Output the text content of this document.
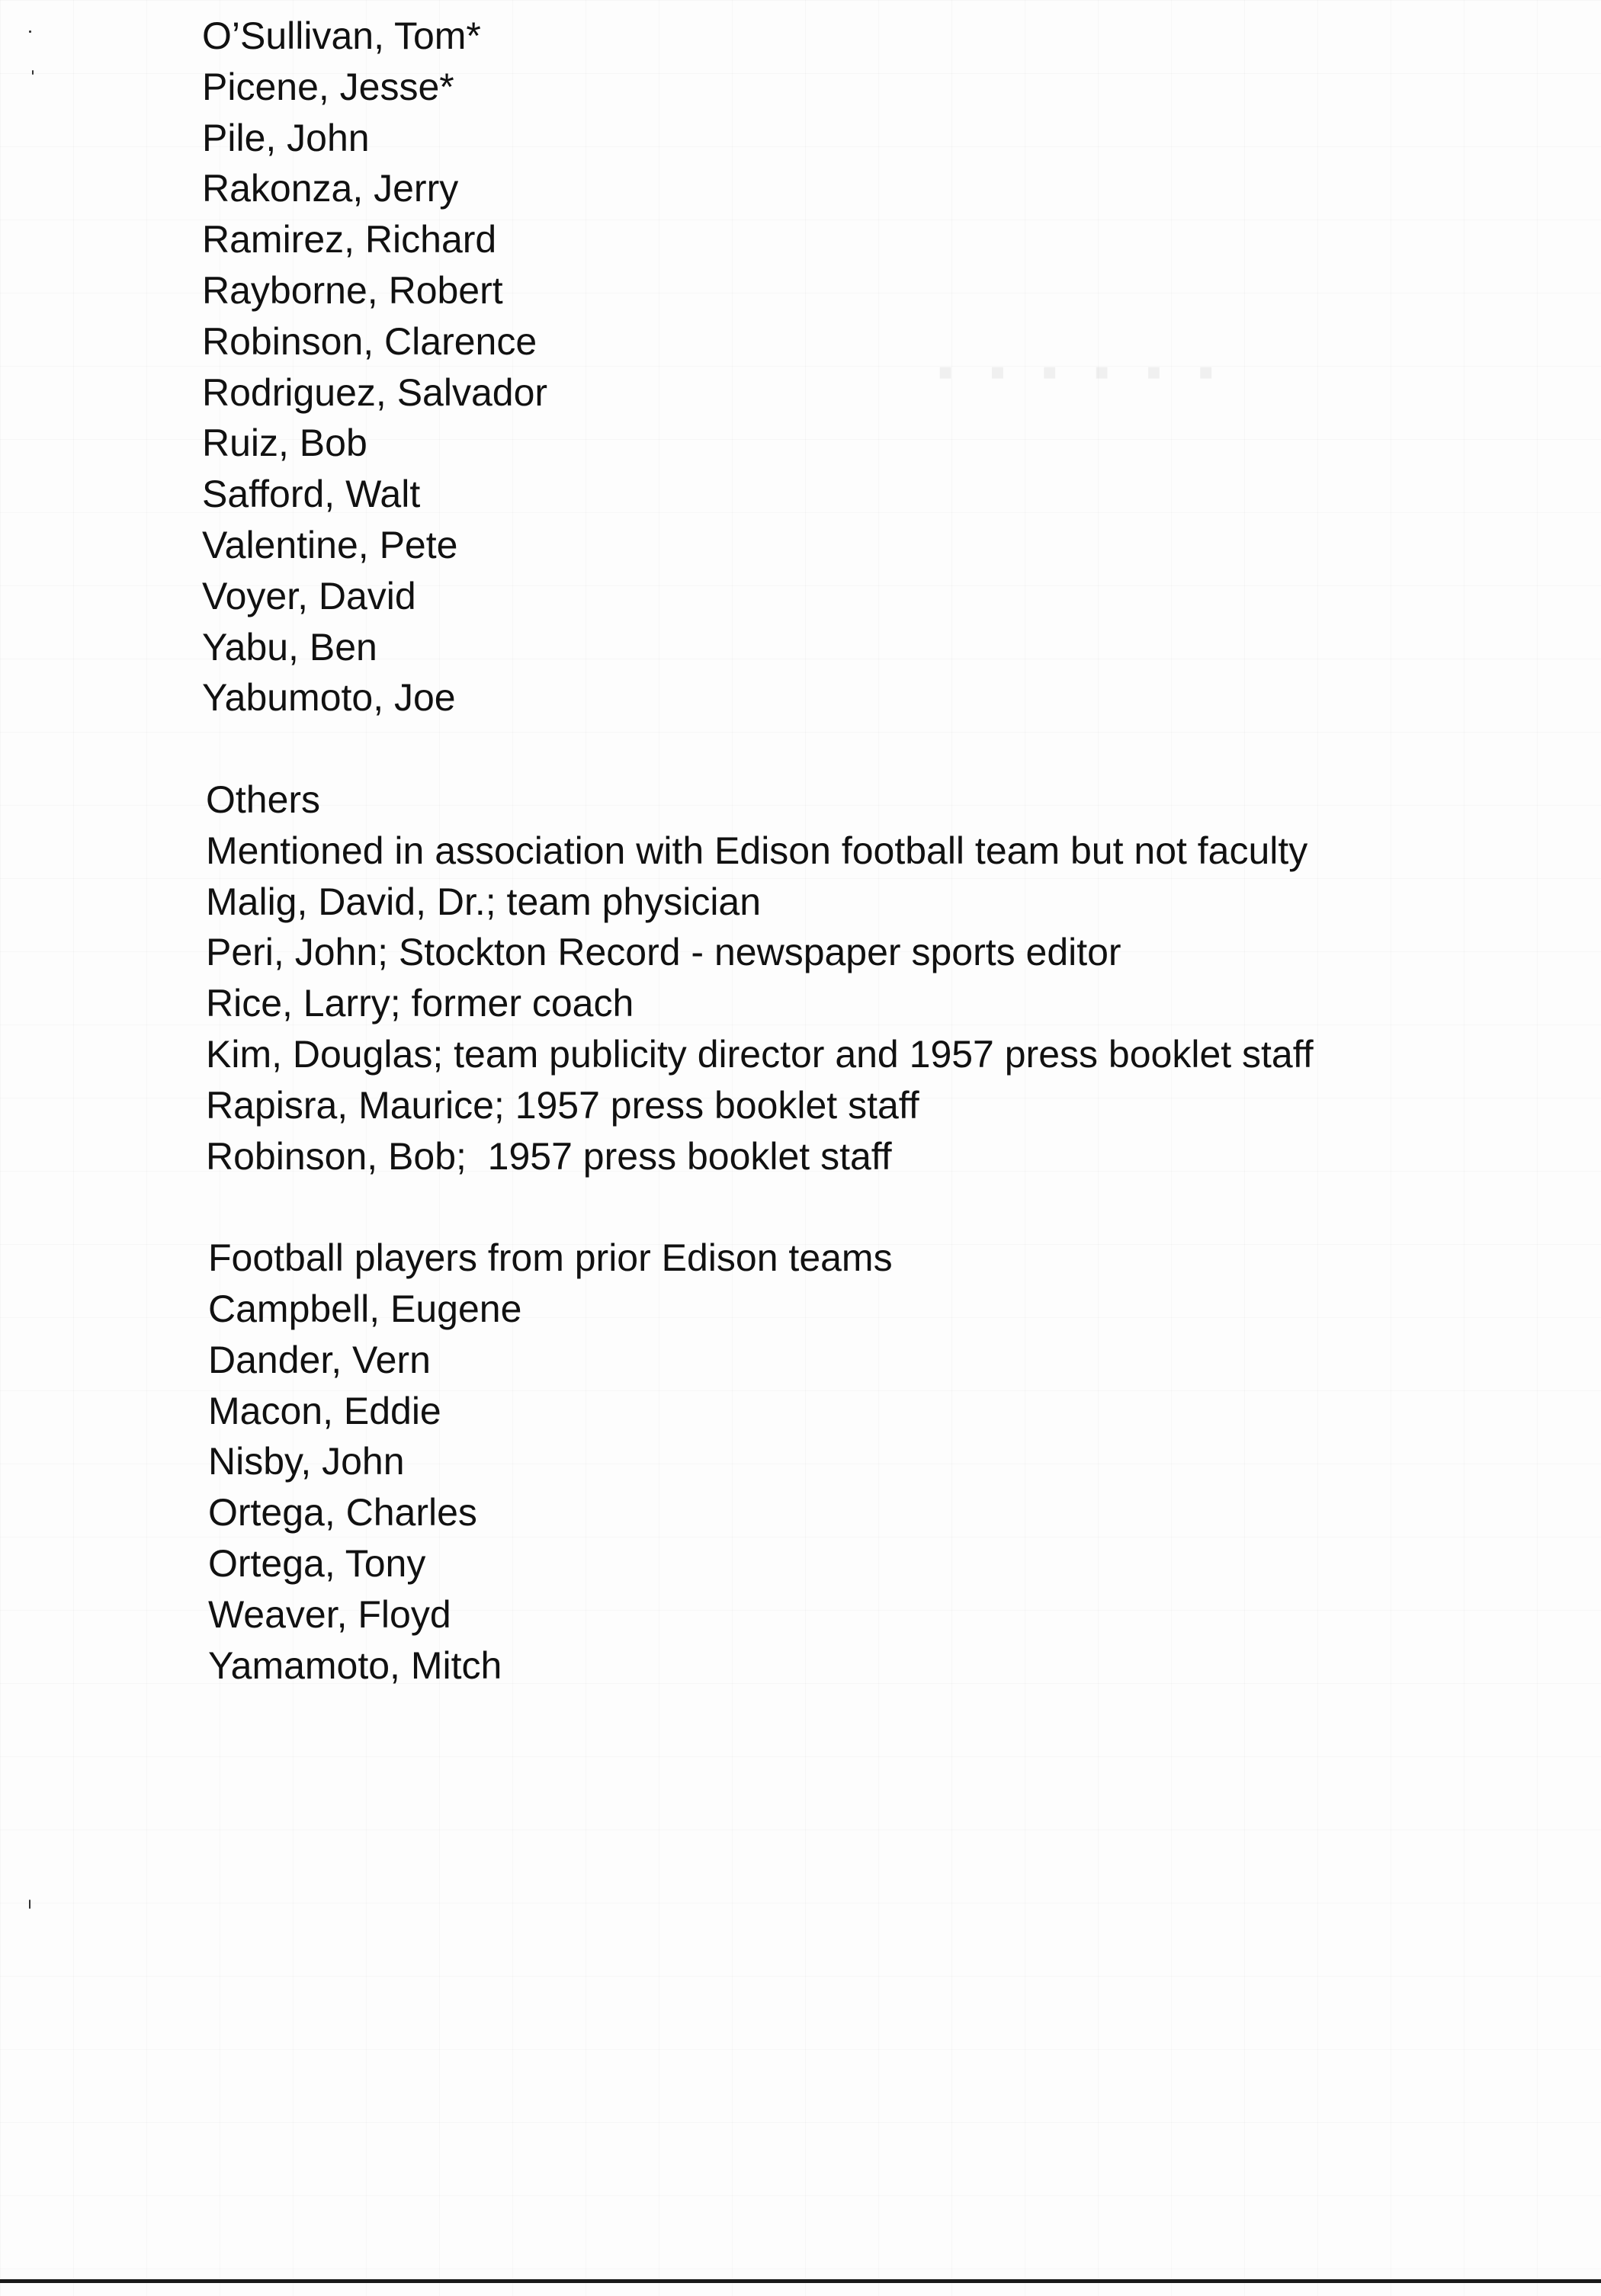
▪▪▪▪▪▪
O’Sullivan, Tom*
Picene, Jesse*
Pile, John
Rakonza, Jerry
Ramirez, Richard
Rayborne, Robert
Robinson, Clarence
Rodriguez, Salvador
Ruiz, Bob
Safford, Walt
Valentine, Pete
Voyer, David
Yabu, Ben
Yabumoto, Joe
Others
Mentioned in association with Edison football team but not faculty
Malig, David, Dr.; team physician
Peri, John; Stockton Record - newspaper sports editor
Rice, Larry; former coach
Kim, Douglas; team publicity director and 1957 press booklet staff
Rapisra, Maurice; 1957 press booklet staff
Robinson, Bob;  1957 press booklet staff
Football players from prior Edison teams
Campbell, Eugene
Dander, Vern
Macon, Eddie
Nisby, John
Ortega, Charles
Ortega, Tony
Weaver, Floyd
Yamamoto, Mitch
